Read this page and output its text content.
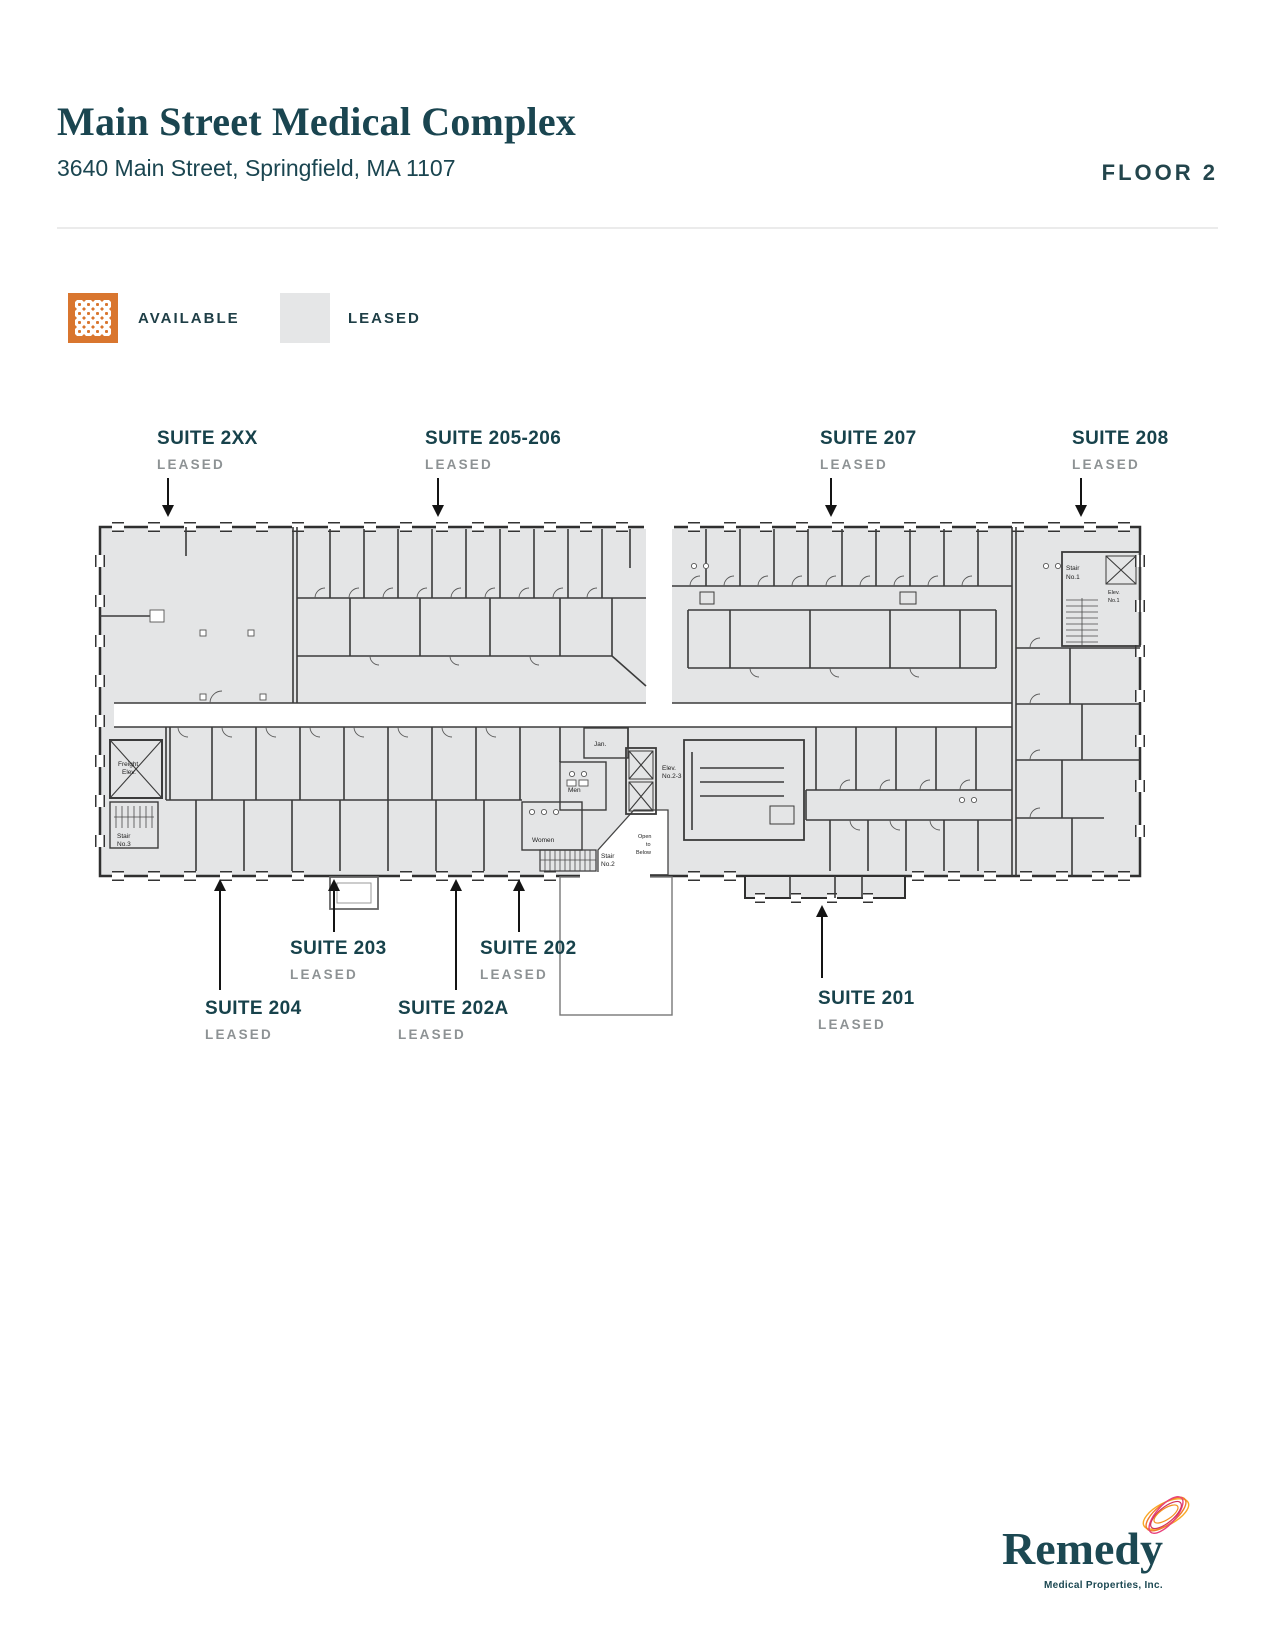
Main Street Medical Complex
3640 Main Street, Springfield, MA 1107	FLOOR 2
AVAILABLE	LEASED
SUITE 2XX
LEASED
SUITE 205-206
LEASED
SUITE 207
LEASED
SUITE 208
LEASED
Freight
Elev.
Stair
No.3
Jan.
Men
Women
Elev.
No.2-3
Stair
No.2
Open
to
Below
Stair
No.1
Elev.
No.1
SUITE 203
LEASED
SUITE 202
LEASED
SUITE 204
LEASED
SUITE 202A
LEASED
SUITE 201
LEASED
Remedy
Medical Properties, Inc.
